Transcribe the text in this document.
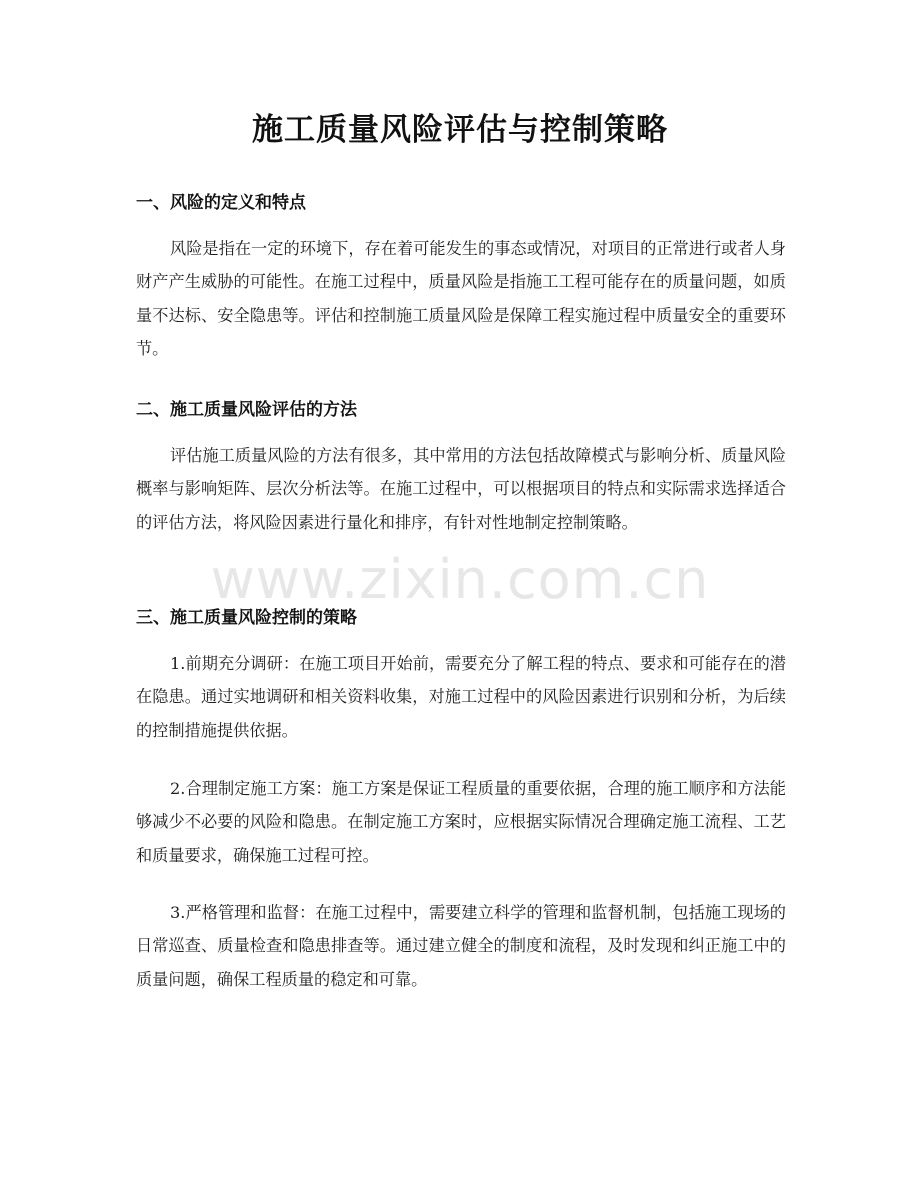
施工质量风险评估与控制策略
一、风险的定义和特点

风险是指在一定的环境下，存在着可能发生的事态或情况，对项目的正常进行或者人身财产产生威胁的可能性。在施工过程中，质量风险是指施工工程可能存在的质量问题，如质量不达标、安全隐患等。评估和控制施工质量风险是保障工程实施过程中质量安全的重要环节。

二、施工质量风险评估的方法

评估施工质量风险的方法有很多，其中常用的方法包括故障模式与影响分析、质量风险概率与影响矩阵、层次分析法等。在施工过程中，可以根据项目的特点和实际需求选择适合的评估方法，将风险因素进行量化和排序，有针对性地制定控制策略。

三、施工质量风险控制的策略

1.前期充分调研：在施工项目开始前，需要充分了解工程的特点、要求和可能存在的潜在隐患。通过实地调研和相关资料收集，对施工过程中的风险因素进行识别和分析，为后续的控制措施提供依据。

2.合理制定施工方案：施工方案是保证工程质量的重要依据，合理的施工顺序和方法能够减少不必要的风险和隐患。在制定施工方案时，应根据实际情况合理确定施工流程、工艺和质量要求，确保施工过程可控。

3.严格管理和监督：在施工过程中，需要建立科学的管理和监督机制，包括施工现场的日常巡查、质量检查和隐患排查等。通过建立健全的制度和流程，及时发现和纠正施工中的质量问题，确保工程质量的稳定和可靠。

www.zixin.com.cn
